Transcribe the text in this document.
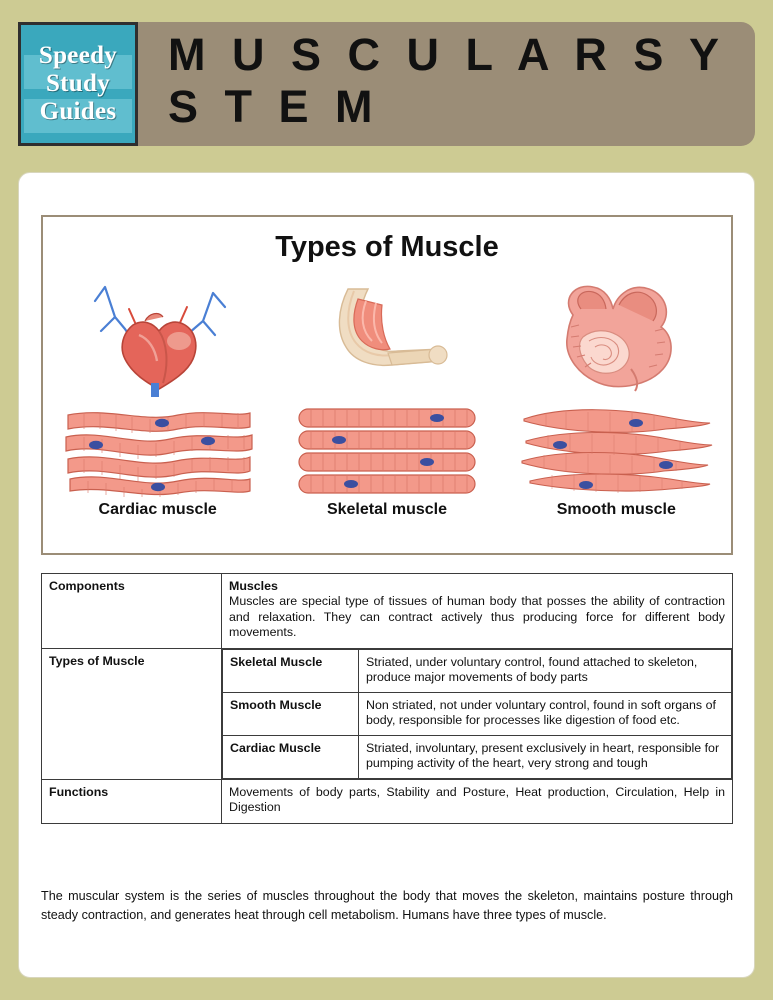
M U S C U L A R S Y S T E M
Speedy
Study
Guides
Types of Muscle
Cardiac muscle	Skeletal muscle	Smooth muscle
Components	Muscles
Muscles are special type of tissues of human body that posses the ability of contraction and relaxation. They can contract actively thus producing force for different body movements.

Types of Muscle		Skeletal Muscle	Striated, under voluntary control, found attached to skeleton, produce major movements of body parts
Smooth Muscle	Non striated, not under voluntary control, found in soft organs of body, responsible for processes like digestion of food etc.
Cardiac Muscle	Striated, involuntary, present exclusively in heart, responsible for pumping activity of the heart, very strong and tough

Functions	Movements of body parts, Stability and Posture, Heat production, Circulation, Help in Digestion
The muscular system is the series of muscles throughout the body that moves the skeleton, maintains posture through steady contraction, and generates heat through cell metabolism. Humans have three types of muscle.
